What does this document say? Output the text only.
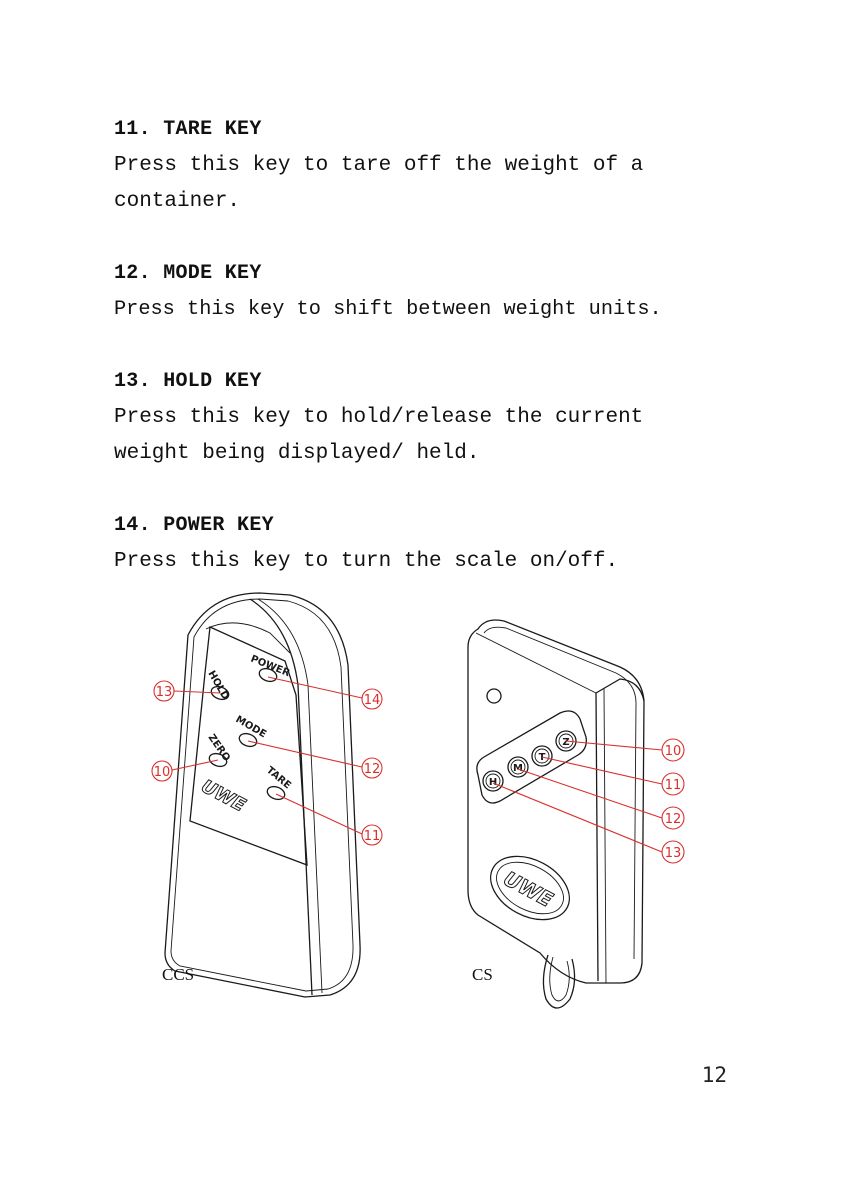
11. TARE KEY
Press this key to tare off the weight of a
container.
12. MODE KEY
Press this key to shift between weight units.
13. HOLD KEY
Press this key to hold/release the current
weight being displayed/ held.
14. POWER KEY
Press this key to turn the scale on/off.
POWER
HOLD
MODE
ZERO
TARE
UWE
CCS
13
14
10	12
11
Z
T
M
H
UWE
CS
10
11
12
13
12
